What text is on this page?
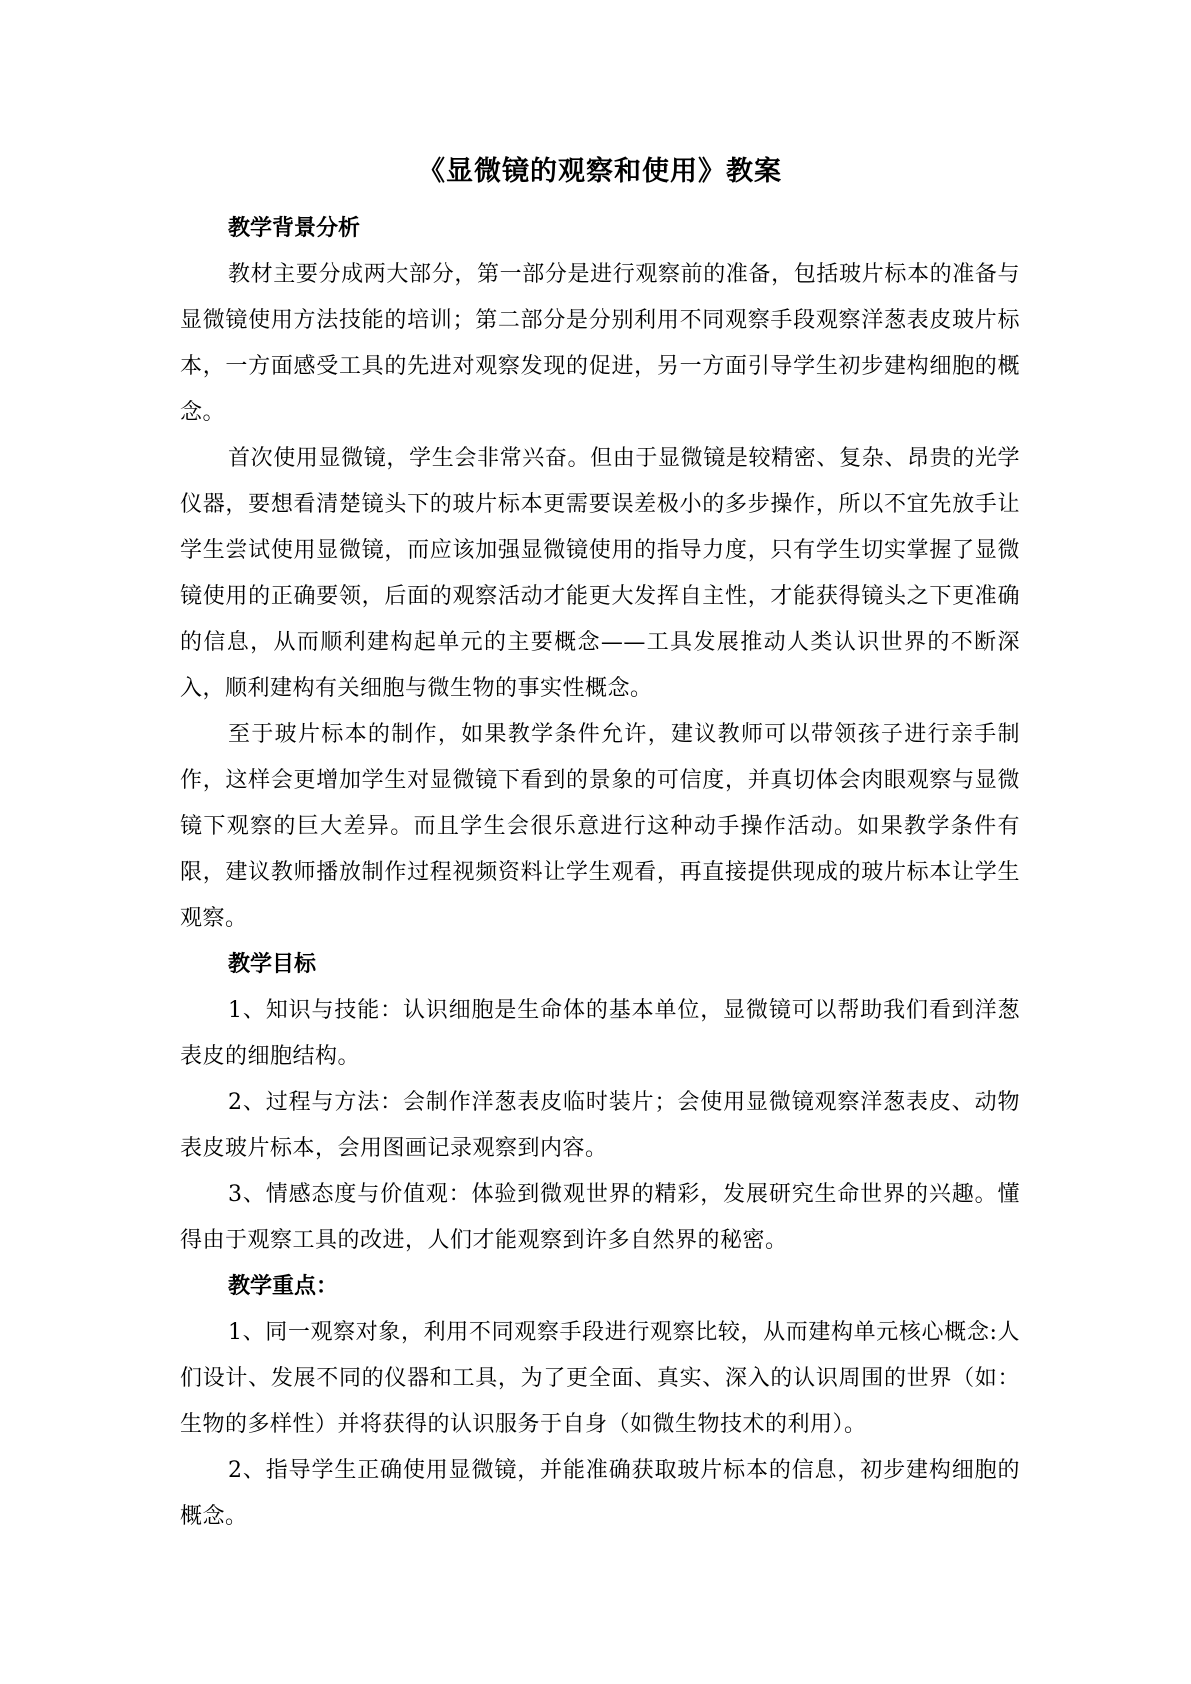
《显微镜的观察和使用》教案
教学背景分析

教材主要分成两大部分，第一部分是进行观察前的准备，包括玻片标本的准备与显微镜使用方法技能的培训；第二部分是分别利用不同观察手段观察洋葱表皮玻片标本，一方面感受工具的先进对观察发现的促进，另一方面引导学生初步建构细胞的概念。

首次使用显微镜，学生会非常兴奋。但由于显微镜是较精密、复杂、昂贵的光学仪器，要想看清楚镜头下的玻片标本更需要误差极小的多步操作，所以不宜先放手让学生尝试使用显微镜，而应该加强显微镜使用的指导力度，只有学生切实掌握了显微镜使用的正确要领，后面的观察活动才能更大发挥自主性，才能获得镜头之下更准确的信息，从而顺利建构起单元的主要概念——工具发展推动人类认识世界的不断深入，顺利建构有关细胞与微生物的事实性概念。

至于玻片标本的制作，如果教学条件允许，建议教师可以带领孩子进行亲手制作，这样会更增加学生对显微镜下看到的景象的可信度，并真切体会肉眼观察与显微镜下观察的巨大差异。而且学生会很乐意进行这种动手操作活动。如果教学条件有限，建议教师播放制作过程视频资料让学生观看，再直接提供现成的玻片标本让学生观察。

教学目标

1、知识与技能：认识细胞是生命体的基本单位，显微镜可以帮助我们看到洋葱表皮的细胞结构。

2、过程与方法：会制作洋葱表皮临时装片；会使用显微镜观察洋葱表皮、动物表皮玻片标本，会用图画记录观察到内容。

3、情感态度与价值观：体验到微观世界的精彩，发展研究生命世界的兴趣。懂得由于观察工具的改进，人们才能观察到许多自然界的秘密。

教学重点：

1、同一观察对象，利用不同观察手段进行观察比较，从而建构单元核心概念:人们设计、发展不同的仪器和工具，为了更全面、真实、深入的认识周围的世界（如：生物的多样性）并将获得的认识服务于自身（如微生物技术的利用）。

2、指导学生正确使用显微镜，并能准确获取玻片标本的信息，初步建构细胞的概念。
